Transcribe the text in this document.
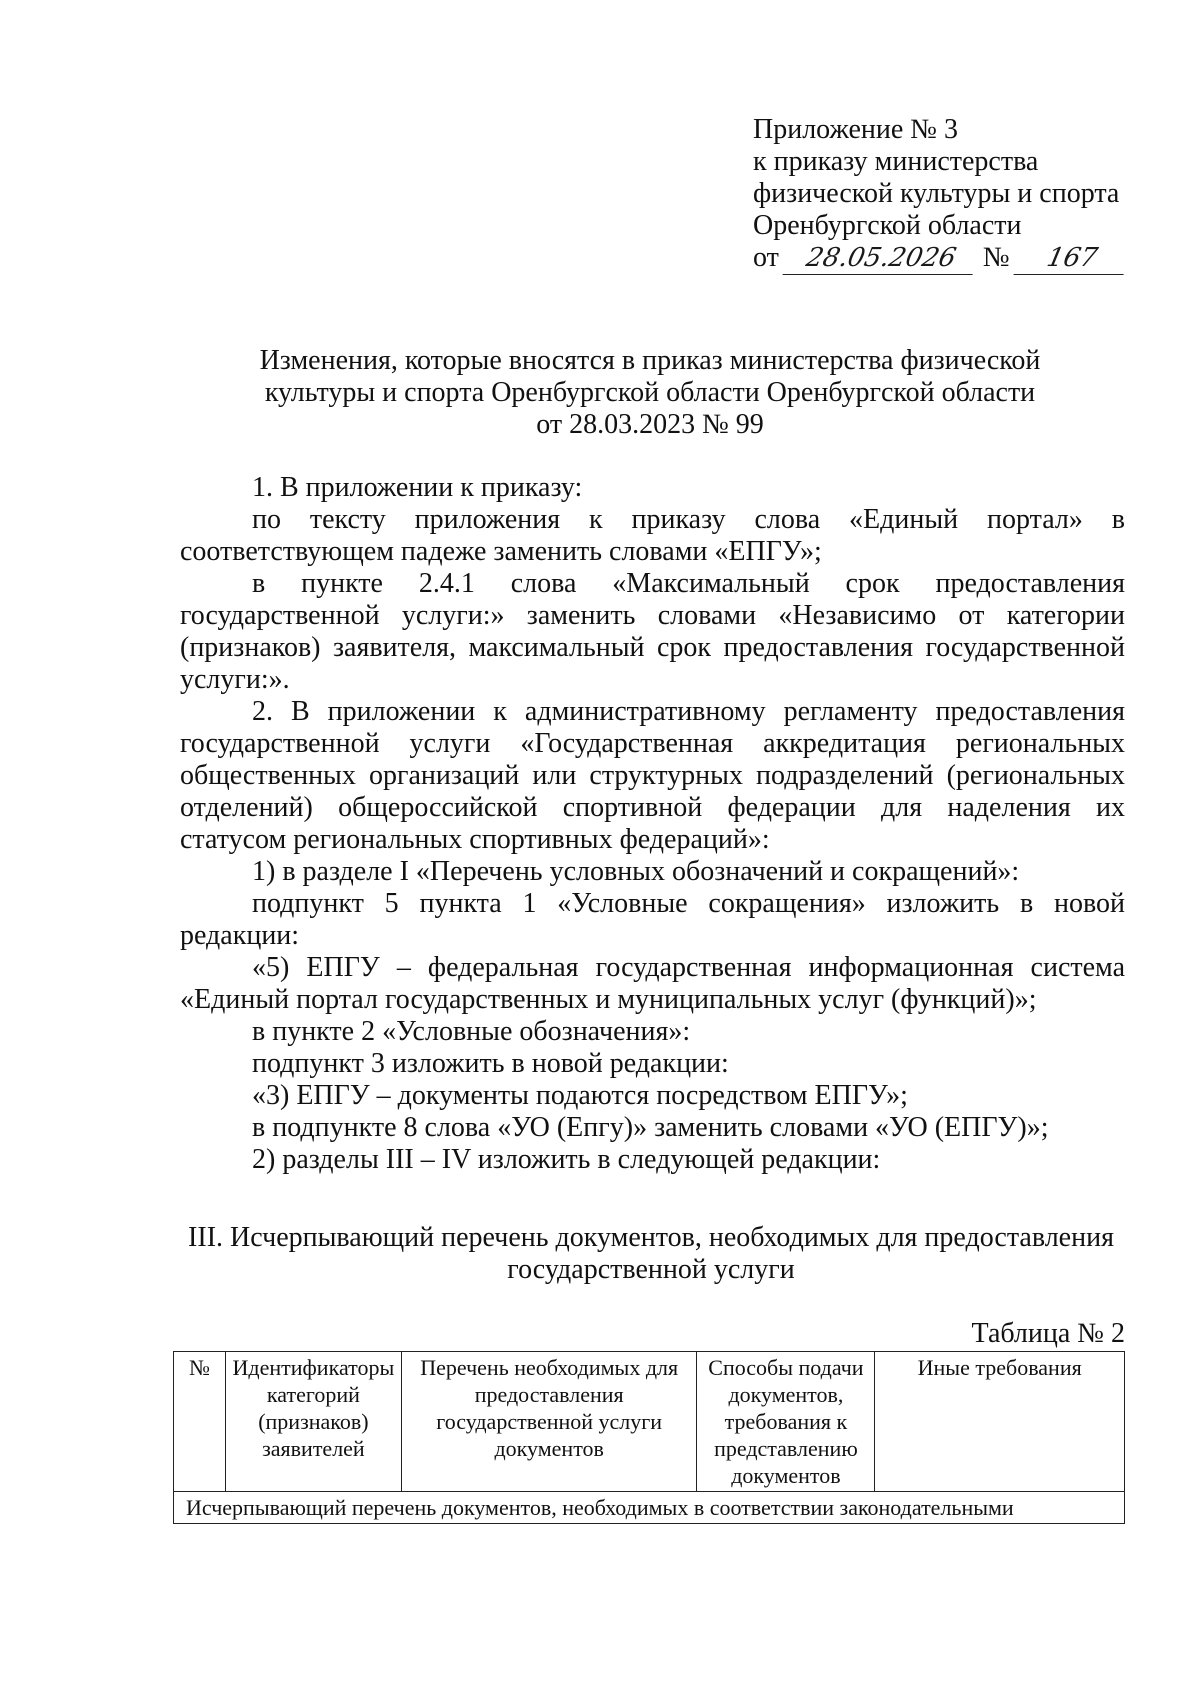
Приложение № 3
к приказу министерства
физической культуры и спорта
Оренбургской области
от 28.05.2026 № 167
Изменения, которые вносятся в приказ министерства физической
культуры и спорта Оренбургской области Оренбургской области
от 28.03.2023 № 99

1. В приложении к приказу:

по тексту приложения к приказу слова «Единый портал» в соответствующем падеже заменить словами «ЕПГУ»;

в пункте 2.4.1 слова «Максимальный срок предоставления государственной услуги:» заменить словами «Независимо от категории (признаков) заявителя, максимальный срок предоставления государственной услуги:».

2. В приложении к административному регламенту предоставления государственной услуги «Государственная аккредитация региональных общественных организаций или структурных подразделений (региональных отделений) общероссийской спортивной федерации для наделения их статусом региональных спортивных федераций»:

1) в разделе I «Перечень условных обозначений и сокращений»:

подпункт 5 пункта 1 «Условные сокращения» изложить в новой редакции:

«5) ЕПГУ – федеральная государственная информационная система «Единый портал государственных и муниципальных услуг (функций)»;

в пункте 2 «Условные обозначения»:

подпункт 3 изложить в новой редакции:

«3) ЕПГУ – документы подаются посредством ЕПГУ»;

в подпункте 8 слова «УО (Епгу)» заменить словами «УО (ЕПГУ)»;

2) разделы III – IV изложить в следующей редакции:

III. Исчерпывающий перечень документов, необходимых для предоставления
государственной услуги
Таблица № 2
№	Идентификаторы категорий (признаков) заявителей	Перечень необходимых для предоставления государственной услуги документов	Способы подачи документов, требования к представлению документов	Иные требования
Исчерпывающий перечень документов, необходимых в соответствии законодательными
